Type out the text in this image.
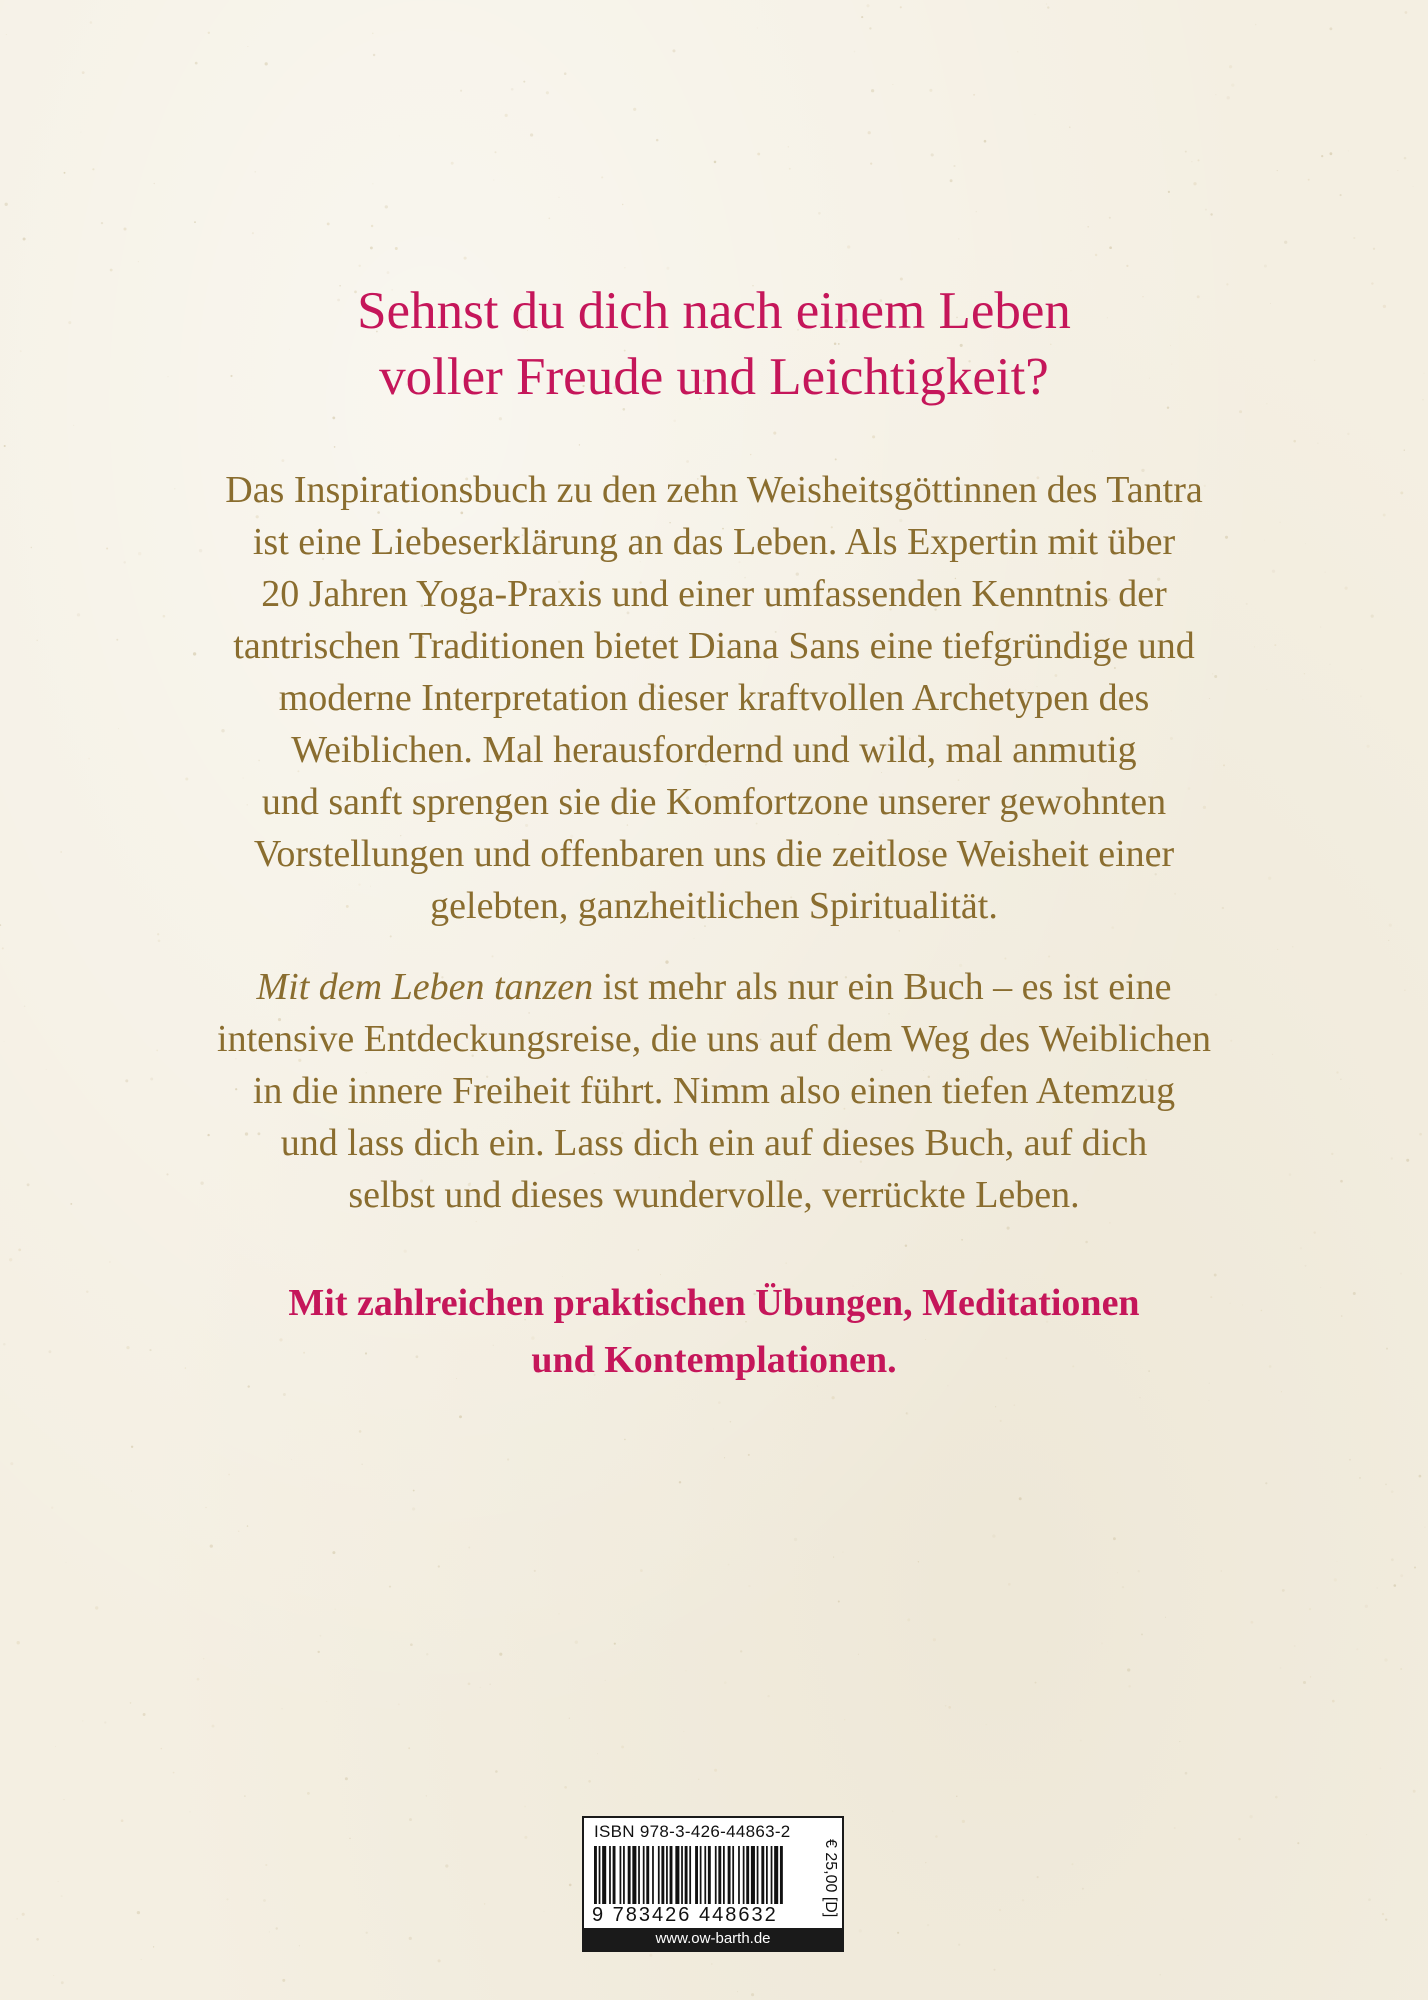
Sehnst du dich nach einem Leben
voller Freude und Leichtigkeit?

Das Inspirationsbuch zu den zehn Weisheitsgöttinnen des Tantra
ist eine Liebeserklärung an das Leben. Als Expertin mit über
20 Jahren Yoga-Praxis und einer umfassenden Kenntnis der
tantrischen Traditionen bietet Diana Sans eine tiefgründige und
moderne Interpretation dieser kraftvollen Archetypen des
Weiblichen. Mal herausfordernd und wild, mal anmutig
und sanft sprengen sie die Komfortzone unserer gewohnten
Vorstellungen und offenbaren uns die zeitlose Weisheit einer
gelebten, ganzheitlichen Spiritualität.

Mit dem Leben tanzen ist mehr als nur ein Buch – es ist eine
intensive Entdeckungsreise, die uns auf dem Weg des Weiblichen
in die innere Freiheit führt. Nimm also einen tiefen Atemzug
und lass dich ein. Lass dich ein auf dieses Buch, auf dich
selbst und dieses wundervolle, verrückte Leben.

Mit zahlreichen praktischen Übungen, Meditationen
und Kontemplationen.

ISBN 978-3-426-44863-2
9 783426 448632	€ 25,00 [D]
www.ow-barth.de
